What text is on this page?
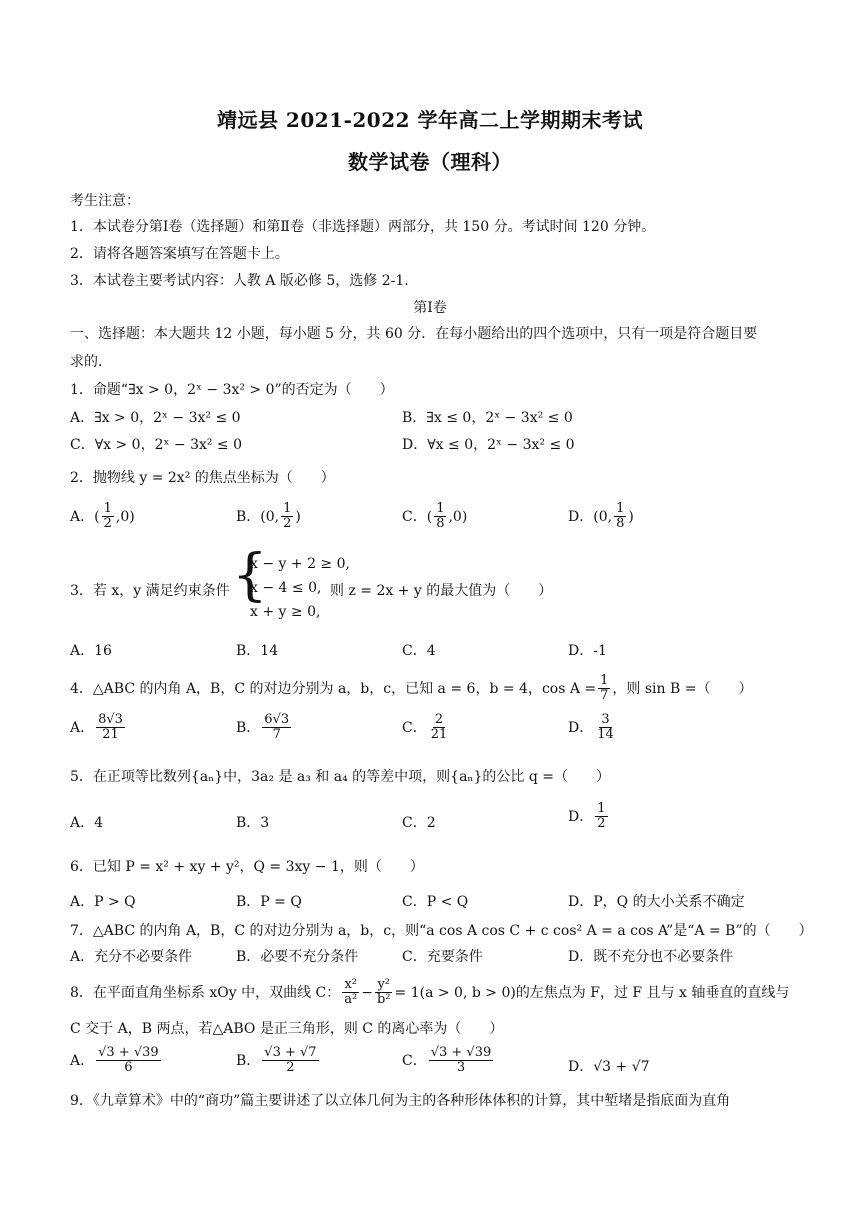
靖远县 2021-2022 学年高二上学期期末考试
数学试卷（理科）
考生注意：
1．本试卷分第Ⅰ卷（选择题）和第Ⅱ卷（非选择题）两部分，共 150 分。考试时间 120 分钟。
2．请将各题答案填写在答题卡上。
3．本试卷主要考试内容：人教 A 版必修 5，选修 2-1.
第Ⅰ卷
一、选择题：本大题共 12 小题，每小题 5 分，共 60 分．在每小题给出的四个选项中，只有一项是符合题目要
求的．
1．命题“∃x > 0，2ˣ − 3x² > 0”的否定为（　　）
A．∃x > 0，2ˣ − 3x² ≤ 0	B．∃x ≤ 0，2ˣ − 3x² ≤ 0
C．∀x > 0，2ˣ − 3x² ≤ 0	D．∀x ≤ 0，2ˣ − 3x² ≤ 0
2．抛物线 y = 2x² 的焦点坐标为（　　）
A．( $\frac{1}{2} ,0$)	B．(0, $\frac{1}{2}$ )	C．( $\frac{1}{8} ,0$)	D．(0, $\frac{1}{8}$ )
3．若 x，y 满足约束条件 {
x − y + 2 ≥ 0,
x − 4 ≤ 0,
x + y ≥ 0,
则 z = 2x + y 的最大值为（　　）
A．16	B．14	C．4	D．-1
4．△ABC 的内角 A，B，C 的对边分别为 a，b，c，已知 a = 6，b = 4，$\cos A = \frac{1}{7}$ ，则 sin B =（　　）
A． $\frac{8√3}{21}$	B． $\frac{6√3}{7}$	C． $\frac{2}{21}$	D． $\frac{3}{14}$
5．在正项等比数列{aₙ}中，3a₂ 是 a₃ 和 a₄ 的等差中项，则{aₙ}的公比 q =（　　）
A．4	B．3	C．2	D． $\frac{1}{2}$
6．已知 P = x² + xy + y²，Q = 3xy − 1，则（　　）
A．P > Q	B．P = Q	C．P < Q	D．P，Q 的大小关系不确定
7．△ABC 的内角 A，B，C 的对边分别为 a，b，c，则“a cos A cos C + c cos² A = a cos A”是“A = B”的（　　）
A．充分不必要条件	B．必要不充分条件	C．充要条件	D．既不充分也不必要条件
8．在平面直角坐标系 xOy 中，双曲线 C： $\frac{\text{x²}}{\text{a²}} - \frac{\text{y²}}{\text{b²}} = 1(a > 0$, b > 0)的左焦点为 F，过 F 且与 x 轴垂直的直线与
C 交于 A，B 两点，若△ABO 是正三角形，则 C 的离心率为（　　）
A． $\frac{√3 + √39}{6}$	B． $\frac{√3 + √7}{2}$	C． $\frac{√3 + √39}{3}$	D．√3 + √7
9．《九章算术》中的“商功”篇主要讲述了以立体几何为主的各种形体体积的计算，其中堑堵是指底面为直角
